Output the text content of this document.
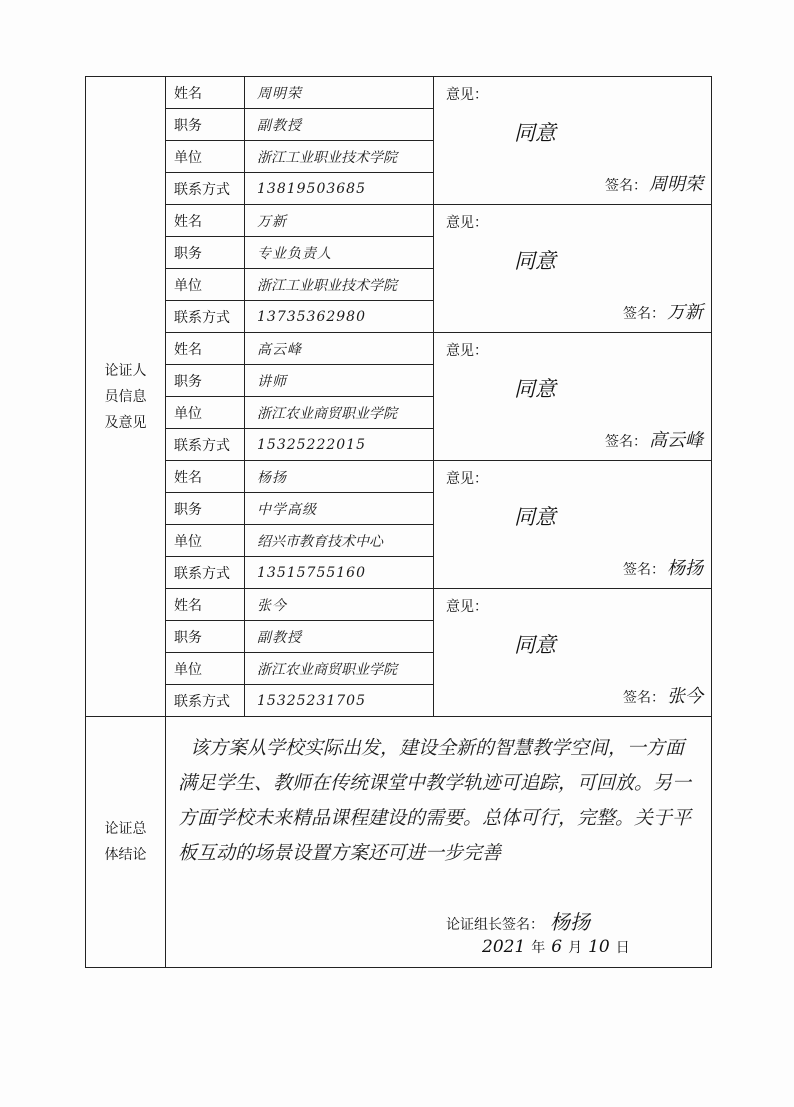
论证人员信息及意见	姓名	周明荣	意见：
同意
签名： 周明荣

	职务	副教授	
	单位	浙江工业职业技术学院	
	联系方式	13819503685	
	姓名	万新	意见：
同意
签名： 万新

	职务	专业负责人	
	单位	浙江工业职业技术学院	
	联系方式	13735362980	
	姓名	高云峰	意见：
同意
签名： 高云峰

	职务	讲师	
	单位	浙江农业商贸职业学院	
	联系方式	15325222015	
	姓名	杨扬	意见：
同意
签名： 杨扬

	职务	中学高级	
	单位	绍兴市教育技术中心	
	联系方式	13515755160	
	姓名	张今	意见：
同意
签名： 张今

	职务	副教授	
	单位	浙江农业商贸职业学院	
	联系方式	15325231705	

论证总体结论	该方案从学校实际出发，建设全新的智慧教学空间，一方面满足学生、教师在传统课堂中教学轨迹可追踪，可回放。另一方面学校未来精品课程建设的需要。总体可行，完整。关于平板互动的场景设置方案还可进一步完善
论证组长签名： 杨扬
2021 年 6 月 10 日		
